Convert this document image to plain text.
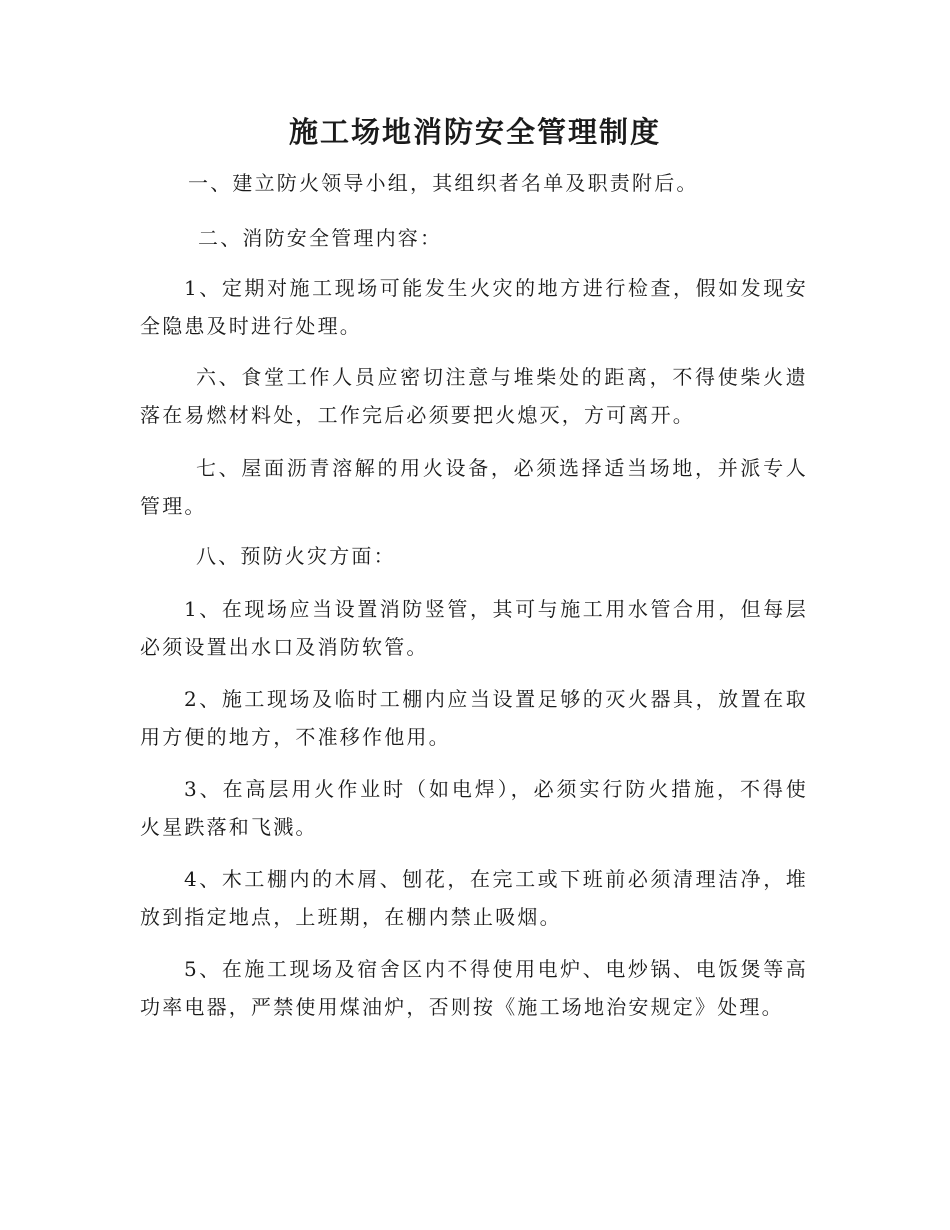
施工场地消防安全管理制度

一、建立防火领导小组，其组织者名单及职责附后。

二、消防安全管理内容：

1、定期对施工现场可能发生火灾的地方进行检查，假如发现安全隐患及时进行处理。

六、食堂工作人员应密切注意与堆柴处的距离，不得使柴火遗落在易燃材料处，工作完后必须要把火熄灭，方可离开。

七、屋面沥青溶解的用火设备，必须选择适当场地，并派专人管理。

八、预防火灾方面：

1、在现场应当设置消防竖管，其可与施工用水管合用，但每层必须设置出水口及消防软管。

2、施工现场及临时工棚内应当设置足够的灭火器具，放置在取用方便的地方，不准移作他用。

3、在高层用火作业时（如电焊），必须实行防火措施，不得使火星跌落和飞溅。

4、木工棚内的木屑、刨花，在完工或下班前必须清理洁净，堆放到指定地点，上班期，在棚内禁止吸烟。

5、在施工现场及宿舍区内不得使用电炉、电炒锅、电饭煲等高功率电器，严禁使用煤油炉，否则按《施工场地治安规定》处理。
